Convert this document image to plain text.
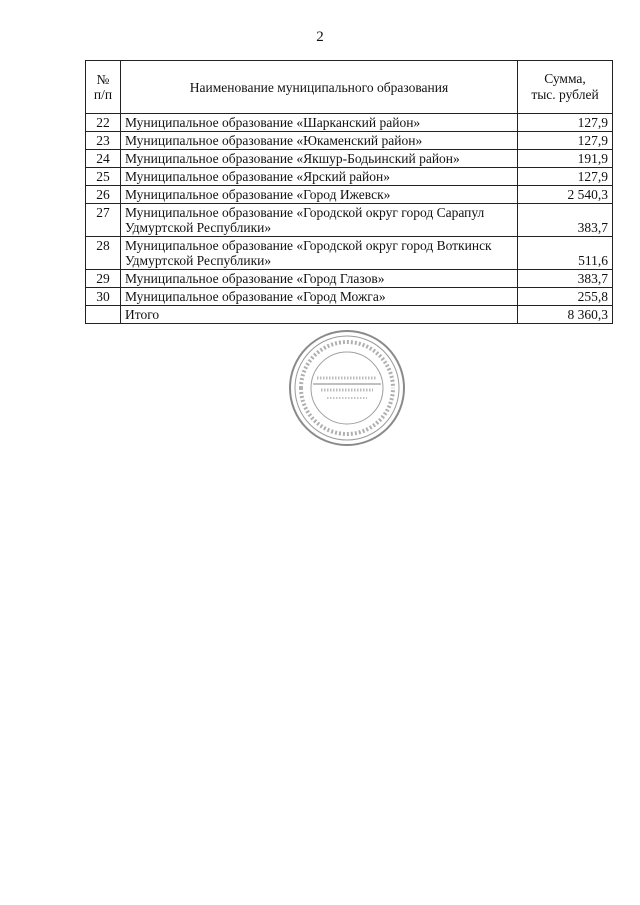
2
№ п/п	Наименование муниципального образования	Сумма,
тыс. рублей

22	Муниципальное образование «Шарканский район»	127,9
23	Муниципальное образование «Юкаменский район»	127,9
24	Муниципальное образование «Якшур-Бодьинский район»	191,9
25	Муниципальное образование «Ярский район»	127,9
26	Муниципальное образование «Город Ижевск»	2 540,3
27	Муниципальное образование «Городской округ город Сарапул Удмуртской Республики»	383,7
28	Муниципальное образование «Городской округ город Воткинск Удмуртской Республики»	511,6
29	Муниципальное образование «Город Глазов»	383,7
30	Муниципальное образование «Город Можга»	255,8
	Итого	8 360,3
